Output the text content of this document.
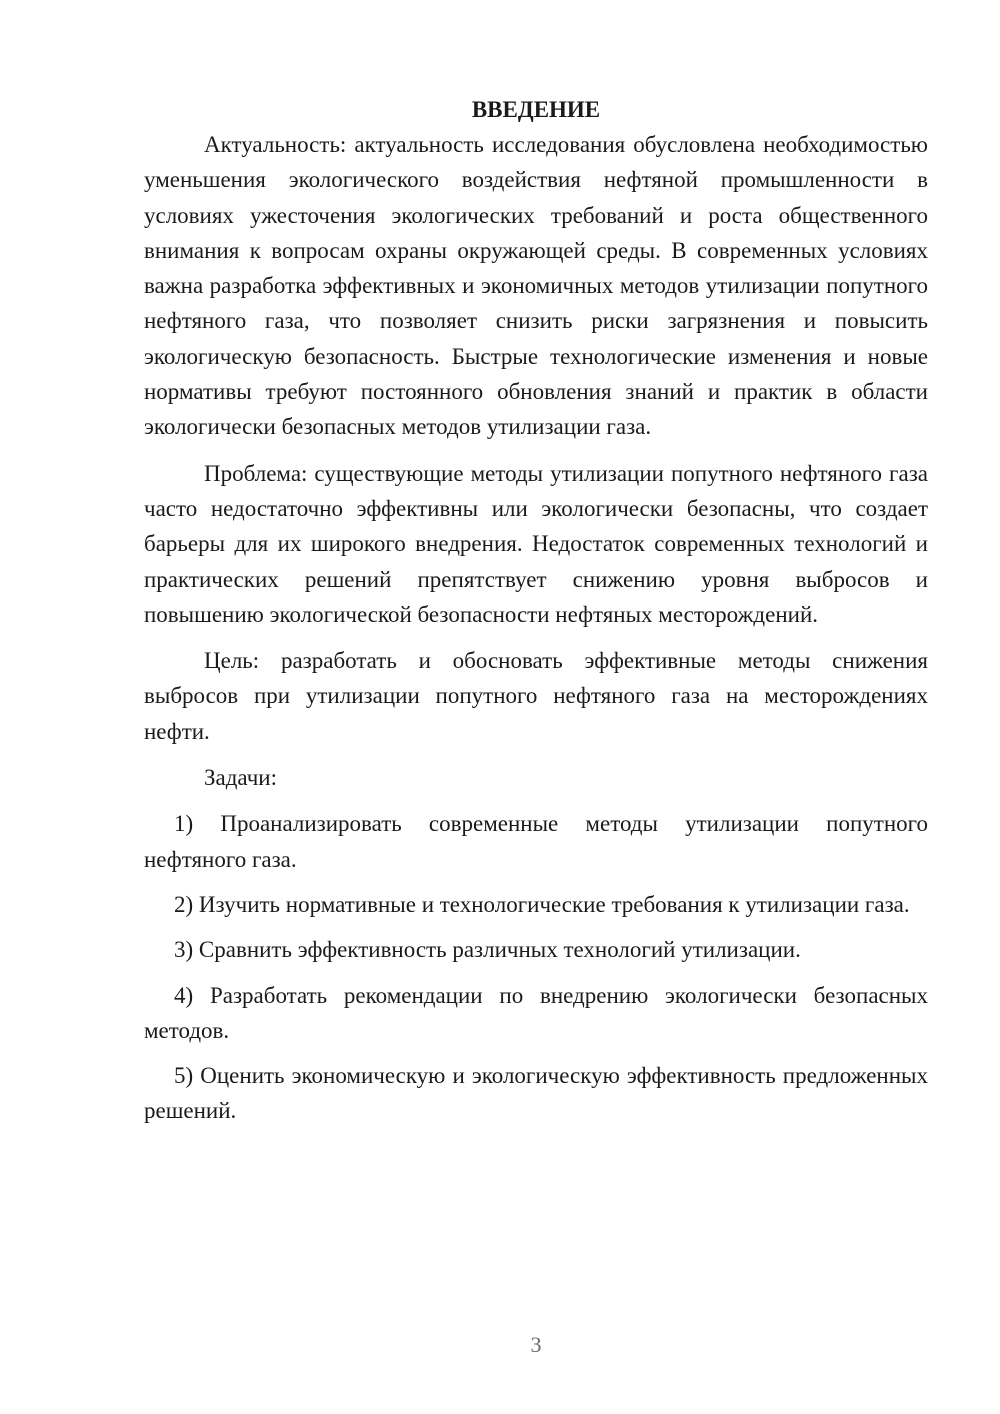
ВВЕДЕНИЕ

Актуальность: актуальность исследования обусловлена необходимостью уменьшения экологического воздействия нефтяной промышленности в условиях ужесточения экологических требований и роста общественного внимания к вопросам охраны окружающей среды. В современных условиях важна разработка эффективных и экономичных методов утилизации попутного нефтяного газа, что позволяет снизить риски загрязнения и повысить экологическую безопасность. Быстрые технологические изменения и новые нормативы требуют постоянного обновления знаний и практик в области экологически безопасных методов утилизации газа.

Проблема: существующие методы утилизации попутного нефтяного газа часто недостаточно эффективны или экологически безопасны, что создает барьеры для их широкого внедрения. Недостаток современных технологий и практических решений препятствует снижению уровня выбросов и повышению экологической безопасности нефтяных месторождений.

Цель: разработать и обосновать эффективные методы снижения выбросов при утилизации попутного нефтяного газа на месторождениях нефти.

Задачи:

1) Проанализировать современные методы утилизации попутного нефтяного газа.

2) Изучить нормативные и технологические требования к утилизации газа.

3) Сравнить эффективность различных технологий утилизации.

4) Разработать рекомендации по внедрению экологически безопасных методов.

5) Оценить экономическую и экологическую эффективность предложенных решений.

3
